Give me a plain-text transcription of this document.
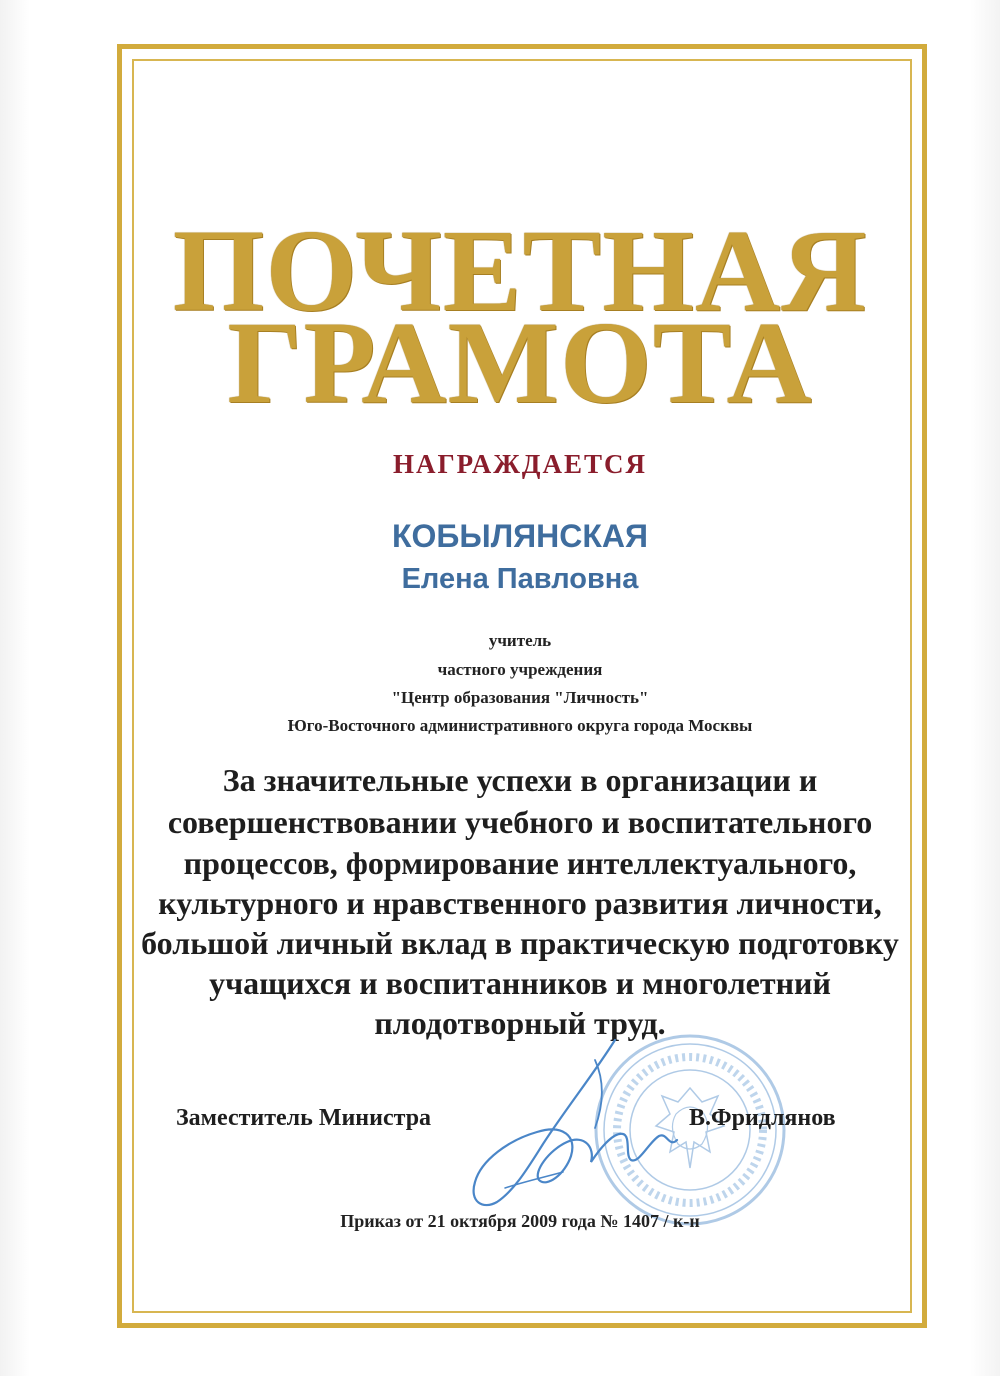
ПОЧЕТНАЯ
ГРАМОТА
НАГРАЖДАЕТСЯ
КОБЫЛЯНСКАЯ
Елена Павловна
учитель
частного учреждения
"Центр образования "Личность"
Юго-Восточного административного округа города Москвы
За значительные успехи в организации и
совершенствовании учебного и воспитательного
процессов, формирование интеллектуального,
культурного и нравственного развития личности,
большой личный вклад в практическую подготовку
учащихся и воспитанников и многолетний
плодотворный труд.
Заместитель Министра	В.Фридлянов
Приказ от 21 октября 2009 года № 1407 / к-н
